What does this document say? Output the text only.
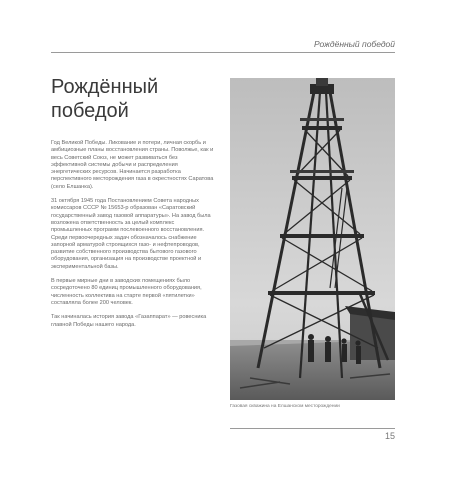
Рождённый победой
Рождённый
победой

Год Великой Победы. Ликование и потери, личная скорбь и амбициозные планы восстановления страны. Поволжье, как и весь Советский Союз, не может развиваться без эффективной системы добычи и распределения энергетических ресурсов. Начинается разработка перспективного месторождения газа в окрестностях Саратова (село Елшанка).

31 октября 1945 года Постановлением Совета народных комиссаров СССР № 15653-р образован «Саратовский государственный завод газовой аппаратуры». На завод была возложена ответственность за целый комплекс промышленных программ послевоенного восстановления. Среди первоочередных задач обозначалось снабжение запорной арматурой строящихся газо- и нефтепроводов, развитие собственного производства бытового газового оборудования, организация на производстве проектной и экспериментальной базы.

В первые мирные дни в заводских помещениях было сосредоточено 80 единиц промышленного оборудования, численность коллектива на старте первой «пятилетки» составляла более 200 человек.

Так начиналась история завода «Газаппарат» — ровесника главной Победы нашего народа.

Газовая скважина на Елшанском месторождении
15
